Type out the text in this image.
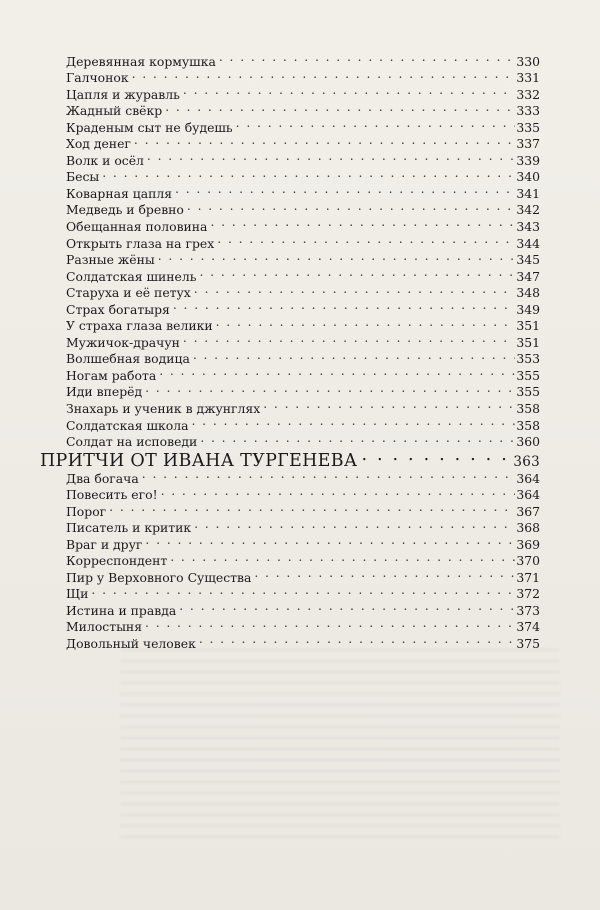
Деревянная кормушка . . .	330
Галчонок . . .	331
Цапля и журавль . . .	332
Жадный свёкр . . .	333
Краденым сыт не будешь . . .	335
Ход денег . . .	337
Волк и осёл . . .	339
Бесы . . .	340
Коварная цапля . . .	341
Медведь и бревно . . .	342
Обещанная половина . . .	343
Открыть глаза на грех . . .	344
Разные жёны . . .	345
Солдатская шинель . . .	347
Старуха и её петух . . .	348
Страх богатыря . . .	349
У страха глаза велики . . .	351
Мужичок-драчун . . .	351
Волшебная водица . . .	353
Ногам работа . . .	355
Иди вперёд . . .	355
Знахарь и ученик в джунглях . . .	358
Солдатская школа . . .	358
Солдат на исповеди . . .	360
ПРИТЧИ ОТ ИВАНА ТУРГЕНЕВА . . .	363
Два богача . . .	364
Повесить его! . . .	364
Порог . . .	367
Писатель и критик . . .	368
Враг и друг . . .	369
Корреспондент . . .	370
Пир у Верховного Существа . . .	371
Щи . . .	372
Истина и правда . . .	373
Милостыня . . .	374
Довольный человек . . .	375
